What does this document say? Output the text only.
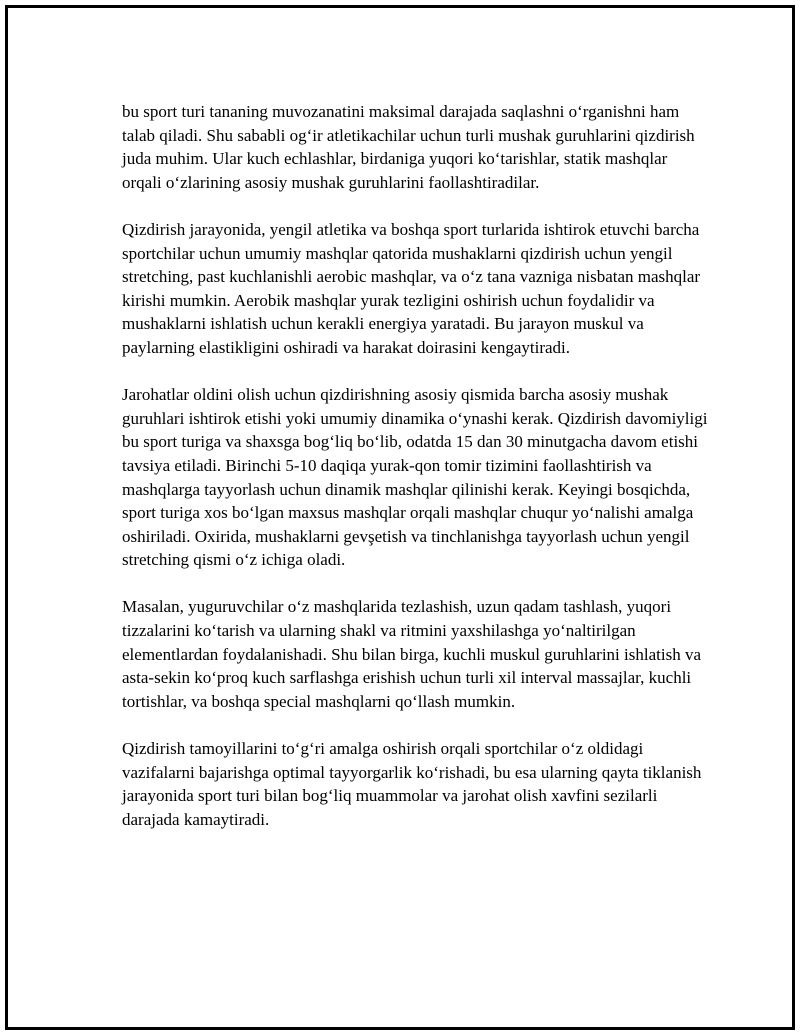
bu sport turi tananing muvozanatini maksimal darajada saqlashni o‘rganishni ham talab qiladi. Shu sababli og‘ir atletikachilar uchun turli mushak guruhlarini qizdirish juda muhim. Ular kuch echlashlar, birdaniga yuqori ko‘tarishlar, statik mashqlar orqali o‘zlarining asosiy mushak guruhlarini faollashtiradilar.

Qizdirish jarayonida, yengil atletika va boshqa sport turlarida ishtirok etuvchi barcha sportchilar uchun umumiy mashqlar qatorida mushaklarni qizdirish uchun yengil stretching, past kuchlanishli aerobic mashqlar, va o‘z tana vazniga nisbatan mashqlar kirishi mumkin. Aerobik mashqlar yurak tezligini oshirish uchun foydalidir va mushaklarni ishlatish uchun kerakli energiya yaratadi. Bu jarayon muskul va paylarning elastikligini oshiradi va harakat doirasini kengaytiradi.

Jarohatlar oldini olish uchun qizdirishning asosiy qismida barcha asosiy mushak guruhlari ishtirok etishi yoki umumiy dinamika o‘ynashi kerak. Qizdirish davomiyligi bu sport turiga va shaxsga bog‘liq bo‘lib, odatda 15 dan 30 minutgacha davom etishi tavsiya etiladi. Birinchi 5-10 daqiqa yurak-qon tomir tizimini faollashtirish va mashqlarga tayyorlash uchun dinamik mashqlar qilinishi kerak. Keyingi bosqichda, sport turiga xos bo‘lgan maxsus mashqlar orqali mashqlar chuqur yo‘nalishi amalga oshiriladi. Oxirida, mushaklarni gevşetish va tinchlanishga tayyorlash uchun yengil stretching qismi o‘z ichiga oladi.

Masalan, yuguruvchilar o‘z mashqlarida tezlashish, uzun qadam tashlash, yuqori tizzalarini ko‘tarish va ularning shakl va ritmini yaxshilashga yo‘naltirilgan elementlardan foydalanishadi. Shu bilan birga, kuchli muskul guruhlarini ishlatish va asta-sekin ko‘proq kuch sarflashga erishish uchun turli xil interval massajlar, kuchli tortishlar, va boshqa special mashqlarni qo‘llash mumkin.

Qizdirish tamoyillarini to‘g‘ri amalga oshirish orqali sportchilar o‘z oldidagi vazifalarni bajarishga optimal tayyorgarlik ko‘rishadi, bu esa ularning qayta tiklanish jarayonida sport turi bilan bog‘liq muammolar va jarohat olish xavfini sezilarli darajada kamaytiradi.
